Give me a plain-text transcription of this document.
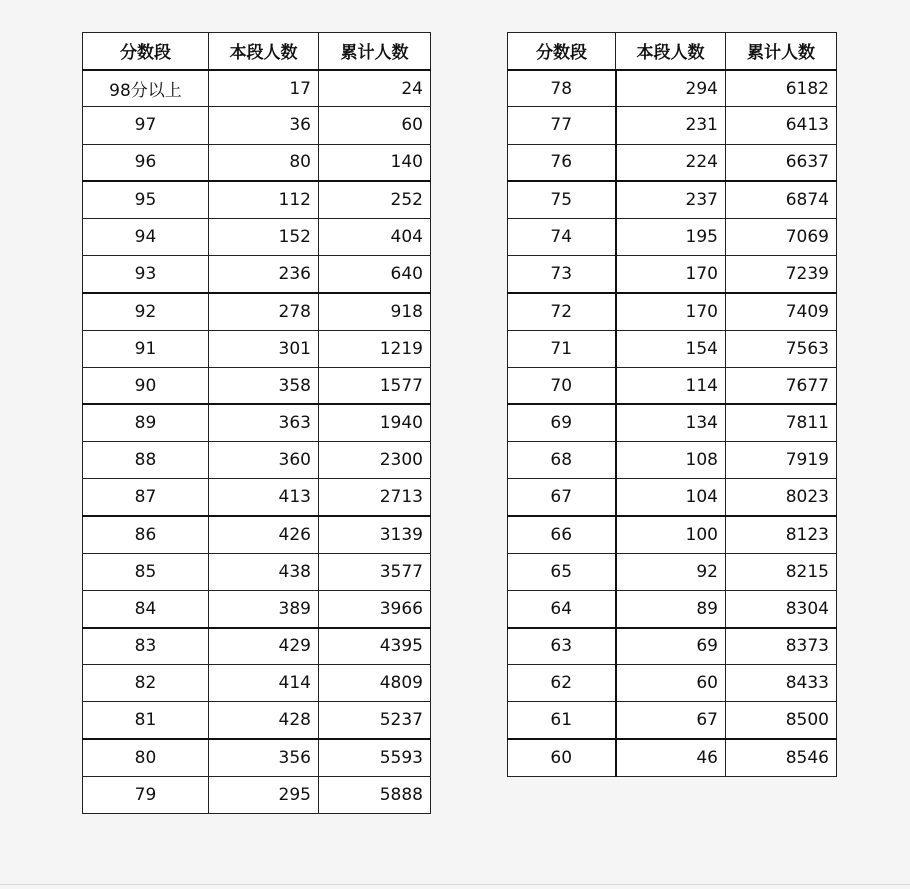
分数段	本段人数	累计人数
98分以上	17	24
97	36	60
96	80	140
95	112	252
94	152	404
93	236	640
92	278	918
91	301	1219
90	358	1577
89	363	1940
88	360	2300
87	413	2713
86	426	3139
85	438	3577
84	389	3966
83	429	4395
82	414	4809
81	428	5237
80	356	5593
79	295	5888
分数段	本段人数	累计人数
78	294	6182
77	231	6413
76	224	6637
75	237	6874
74	195	7069
73	170	7239
72	170	7409
71	154	7563
70	114	7677
69	134	7811
68	108	7919
67	104	8023
66	100	8123
65	92	8215
64	89	8304
63	69	8373
62	60	8433
61	67	8500
60	46	8546
